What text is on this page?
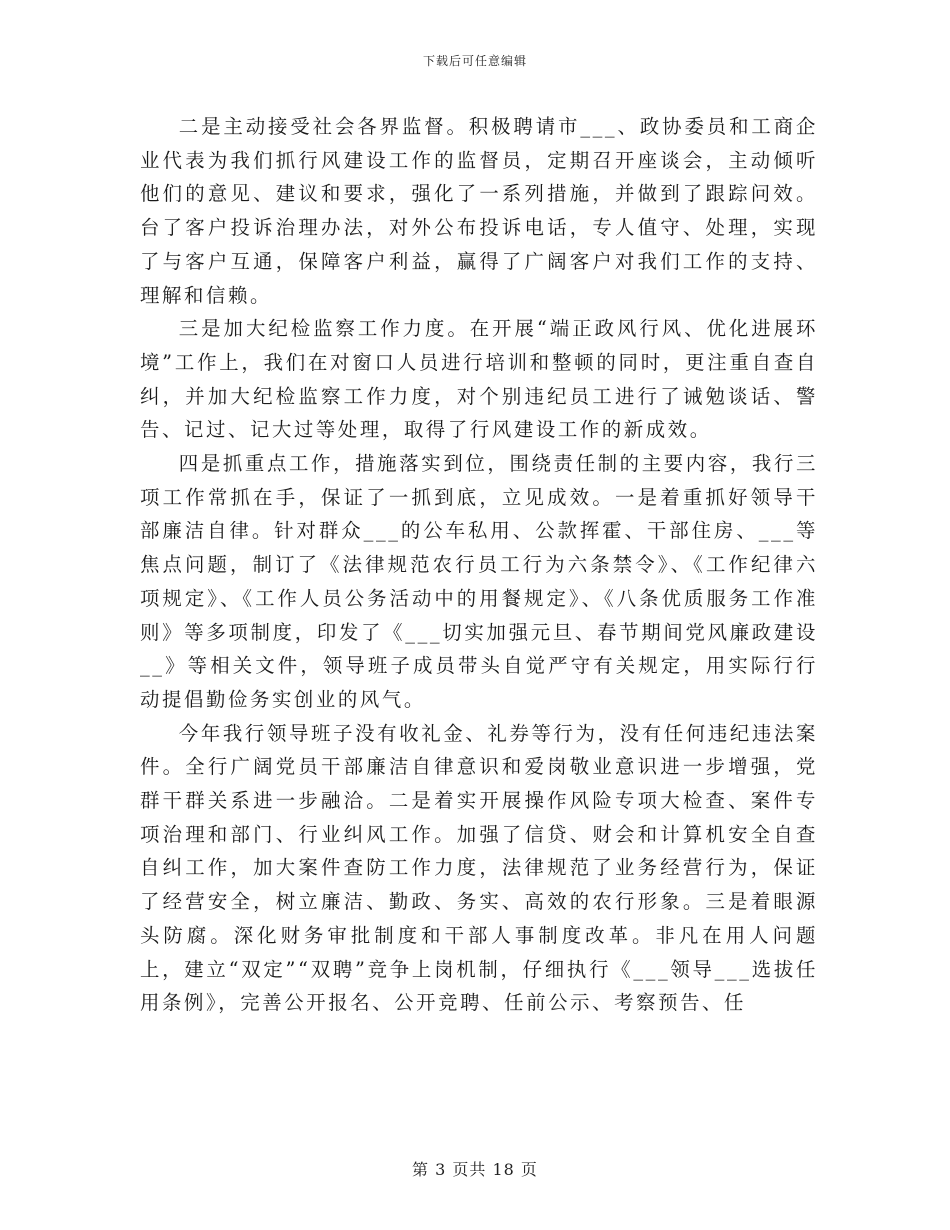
下载后可任意编辑

二是主动接受社会各界监督。积极聘请市___、政协委员和工商企业代表为我们抓行风建设工作的监督员，定期召开座谈会，主动倾听他们的意见、建议和要求，强化了一系列措施，并做到了跟踪问效。台了客户投诉治理办法，对外公布投诉电话，专人值守、处理，实现了与客户互通，保障客户利益，赢得了广阔客户对我们工作的支持、理解和信赖。

三是加大纪检监察工作力度。在开展“端正政风行风、优化进展环境”工作上，我们在对窗口人员进行培训和整顿的同时，更注重自查自纠，并加大纪检监察工作力度，对个别违纪员工进行了诫勉谈话、警告、记过、记大过等处理，取得了行风建设工作的新成效。

四是抓重点工作，措施落实到位，围绕责任制的主要内容，我行三项工作常抓在手，保证了一抓到底，立见成效。一是着重抓好领导干部廉洁自律。针对群众___的公车私用、公款挥霍、干部住房、___等焦点问题，制订了《法律规范农行员工行为六条禁令》、《工作纪律六项规定》、《工作人员公务活动中的用餐规定》、《八条优质服务工作准则》等多项制度，印发了《___切实加强元旦、春节期间党风廉政建设__》等相关文件，领导班子成员带头自觉严守有关规定，用实际行行动提倡勤俭务实创业的风气。

今年我行领导班子没有收礼金、礼券等行为，没有任何违纪违法案件。全行广阔党员干部廉洁自律意识和爱岗敬业意识进一步增强，党群干群关系进一步融洽。二是着实开展操作风险专项大检查、案件专项治理和部门、行业纠风工作。加强了信贷、财会和计算机安全自查自纠工作，加大案件查防工作力度，法律规范了业务经营行为，保证了经营安全，树立廉洁、勤政、务实、高效的农行形象。三是着眼源头防腐。深化财务审批制度和干部人事制度改革。非凡在用人问题上，建立“双定”“双聘”竞争上岗机制，仔细执行《___领导___选拔任用条例》，完善公开报名、公开竞聘、任前公示、考察预告、任

第 3 页共 18 页
